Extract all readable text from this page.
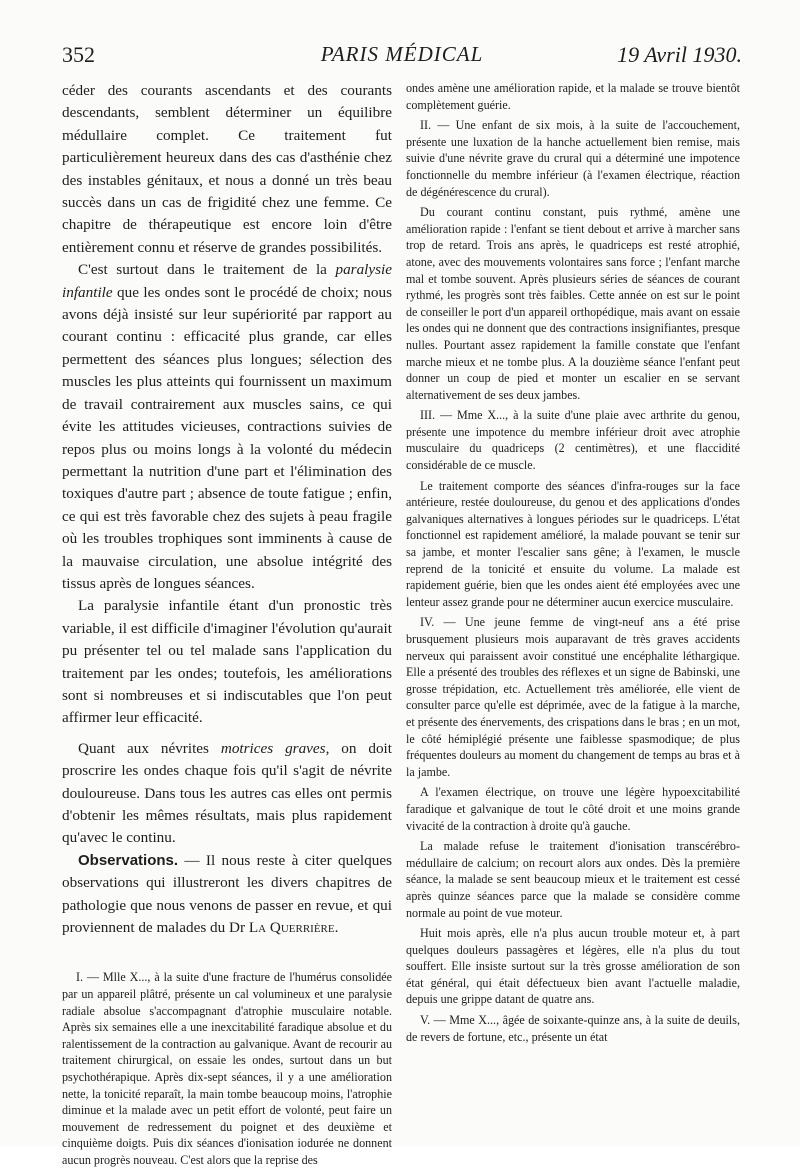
352	PARIS MÉDICAL	19 Avril 1930.

céder des courants ascendants et des courants descendants, semblent déterminer un équilibre médullaire complet. Ce traitement fut particulièrement heureux dans des cas d'asthénie chez des instables génitaux, et nous a donné un très beau succès dans un cas de frigidité chez une femme. Ce chapitre de thérapeutique est encore loin d'être entièrement connu et réserve de grandes possibilités.

C'est surtout dans le traitement de la paralysie infantile que les ondes sont le procédé de choix; nous avons déjà insisté sur leur supériorité par rapport au courant continu : efficacité plus grande, car elles permettent des séances plus longues; sélection des muscles les plus atteints qui fournissent un maximum de travail contrairement aux muscles sains, ce qui évite les attitudes vicieuses, contractions suivies de repos plus ou moins longs à la volonté du médecin permettant la nutrition d'une part et l'élimination des toxiques d'autre part ; absence de toute fatigue ; enfin, ce qui est très favorable chez des sujets à peau fragile où les troubles trophiques sont imminents à cause de la mauvaise circulation, une absolue intégrité des tissus après de longues séances.

La paralysie infantile étant d'un pronostic très variable, il est difficile d'imaginer l'évolution qu'aurait pu présenter tel ou tel malade sans l'application du traitement par les ondes; toutefois, les améliorations sont si nombreuses et si indiscutables que l'on peut affirmer leur efficacité.

Quant aux névrites motrices graves, on doit proscrire les ondes chaque fois qu'il s'agit de névrite douloureuse. Dans tous les autres cas elles ont permis d'obtenir les mêmes résultats, mais plus rapidement qu'avec le continu.

Observations. — Il nous reste à citer quelques observations qui illustreront les divers chapitres de pathologie que nous venons de passer en revue, et qui proviennent de malades du Dr La Querrière.

I. — Mlle X..., à la suite d'une fracture de l'humérus consolidée par un appareil plâtré, présente un cal volumineux et une paralysie radiale absolue s'accompagnant d'atrophie musculaire notable. Après six semaines elle a une inexcitabilité faradique absolue et du ralentissement de la contraction au galvanique. Avant de recourir au traitement chirurgical, on essaie les ondes, surtout dans un but psychothérapique. Après dix-sept séances, il y a une amélioration nette, la tonicité reparaît, la main tombe beaucoup moins, l'atrophie diminue et la malade avec un petit effort de volonté, peut faire un mouvement de redressement du poignet et des deuxième et cinquième doigts. Puis dix séances d'ionisation iodurée ne donnent aucun progrès nouveau. C'est alors que la reprise des

ondes amène une amélioration rapide, et la malade se trouve bientôt complètement guérie.

II. — Une enfant de six mois, à la suite de l'accouchement, présente une luxation de la hanche actuellement bien remise, mais suivie d'une névrite grave du crural qui a déterminé une impotence fonctionnelle du membre inférieur (à l'examen électrique, réaction de dégénérescence du crural).

Du courant continu constant, puis rythmé, amène une amélioration rapide : l'enfant se tient debout et arrive à marcher sans trop de retard. Trois ans après, le quadriceps est resté atrophié, atone, avec des mouvements volontaires sans force ; l'enfant marche mal et tombe souvent. Après plusieurs séries de séances de courant rythmé, les progrès sont très faibles. Cette année on est sur le point de conseiller le port d'un appareil orthopédique, mais avant on essaie les ondes qui ne donnent que des contractions insignifiantes, presque nulles. Pourtant assez rapidement la famille constate que l'enfant marche mieux et ne tombe plus. A la douzième séance l'enfant peut donner un coup de pied et monter un escalier en se servant alternativement de ses deux jambes.

III. — Mme X..., à la suite d'une plaie avec arthrite du genou, présente une impotence du membre inférieur droit avec atrophie musculaire du quadriceps (2 centimètres), et une flaccidité considérable de ce muscle.

Le traitement comporte des séances d'infra-rouges sur la face antérieure, restée douloureuse, du genou et des applications d'ondes galvaniques alternatives à longues périodes sur le quadriceps. L'état fonctionnel est rapidement amélioré, la malade pouvant se tenir sur sa jambe, et monter l'escalier sans gêne; à l'examen, le muscle reprend de la tonicité et ensuite du volume. La malade est rapidement guérie, bien que les ondes aient été employées avec une lenteur assez grande pour ne déterminer aucun exercice musculaire.

IV. — Une jeune femme de vingt-neuf ans a été prise brusquement plusieurs mois auparavant de très graves accidents nerveux qui paraissent avoir constitué une encéphalite léthargique. Elle a présenté des troubles des réflexes et un signe de Babinski, une grosse trépidation, etc. Actuellement très améliorée, elle vient de consulter parce qu'elle est déprimée, avec de la fatigue à la marche, et présente des énervements, des crispations dans le bras ; en un mot, le côté hémiplégié présente une faiblesse spasmodique; de plus fréquentes douleurs au moment du changement de temps au bras et à la jambe.

A l'examen électrique, on trouve une légère hypoexcitabilité faradique et galvanique de tout le côté droit et une moins grande vivacité de la contraction à droite qu'à gauche.

La malade refuse le traitement d'ionisation transcérébro-médullaire de calcium; on recourt alors aux ondes. Dès la première séance, la malade se sent beaucoup mieux et le traitement est cessé après quinze séances parce que la malade se considère comme normale au point de vue moteur.

Huit mois après, elle n'a plus aucun trouble moteur et, à part quelques douleurs passagères et légères, elle n'a plus du tout souffert. Elle insiste surtout sur la très grosse amélioration de son état général, qui était défectueux bien avant l'actuelle maladie, depuis une grippe datant de quatre ans.

V. — Mme X..., âgée de soixante-quinze ans, à la suite de deuils, de revers de fortune, etc., présente un état
